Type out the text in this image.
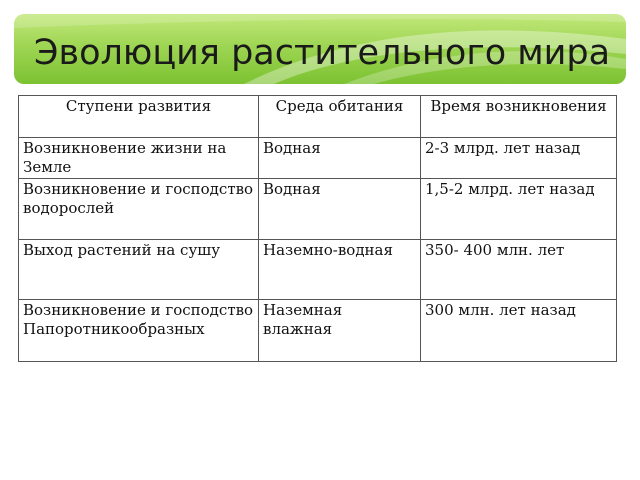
Эволюция растительного мира
Ступени развития	Среда обитания	Время возникновения
Возникновение жизни на Земле	Водная	2-3 млрд. лет назад
Возникновение и господство водорослей	Водная	1,5-2 млрд. лет назад
Выход растений на сушу	Наземно-водная	350- 400 млн. лет
Возникновение и господство Папоротникообразных	Наземная влажная	300 млн. лет назад
